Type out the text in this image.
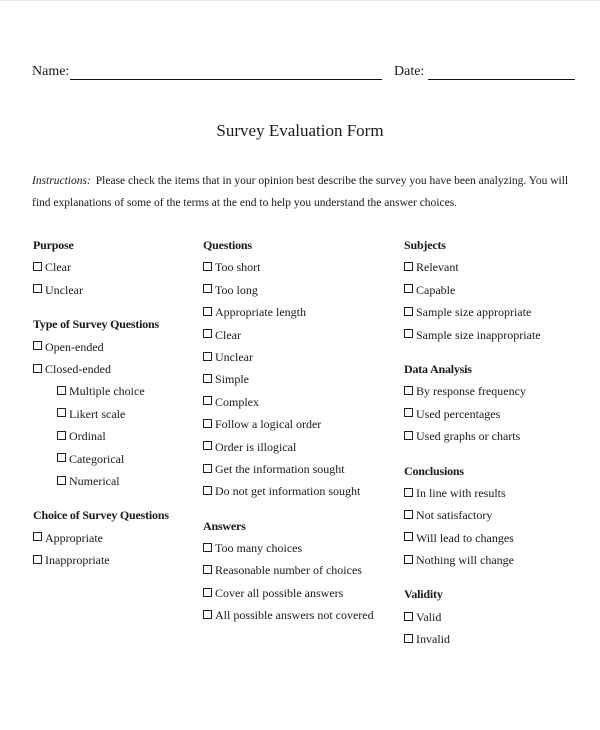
Name:	Date:
Survey Evaluation Form
Instructions: Please check the items that in your opinion best describe the survey you have been analyzing. You will find explanations of some of the terms at the end to help you understand the answer choices.
Purpose
Clear
Unclear
Type of Survey Questions
Open-ended
Closed-ended
Multiple choice
Likert scale
Ordinal
Categorical
Numerical
Choice of Survey Questions
Appropriate
Inappropriate
Questions
Too short
Too long
Appropriate length
Clear
Unclear
Simple
Complex
Follow a logical order
Order is illogical
Get the information sought
Do not get information sought
Answers
Too many choices
Reasonable number of choices
Cover all possible answers
All possible answers not covered
Subjects
Relevant
Capable
Sample size appropriate
Sample size inappropriate
Data Analysis
By response frequency
Used percentages
Used graphs or charts
Conclusions
In line with results
Not satisfactory
Will lead to changes
Nothing will change
Validity
Valid
Invalid
